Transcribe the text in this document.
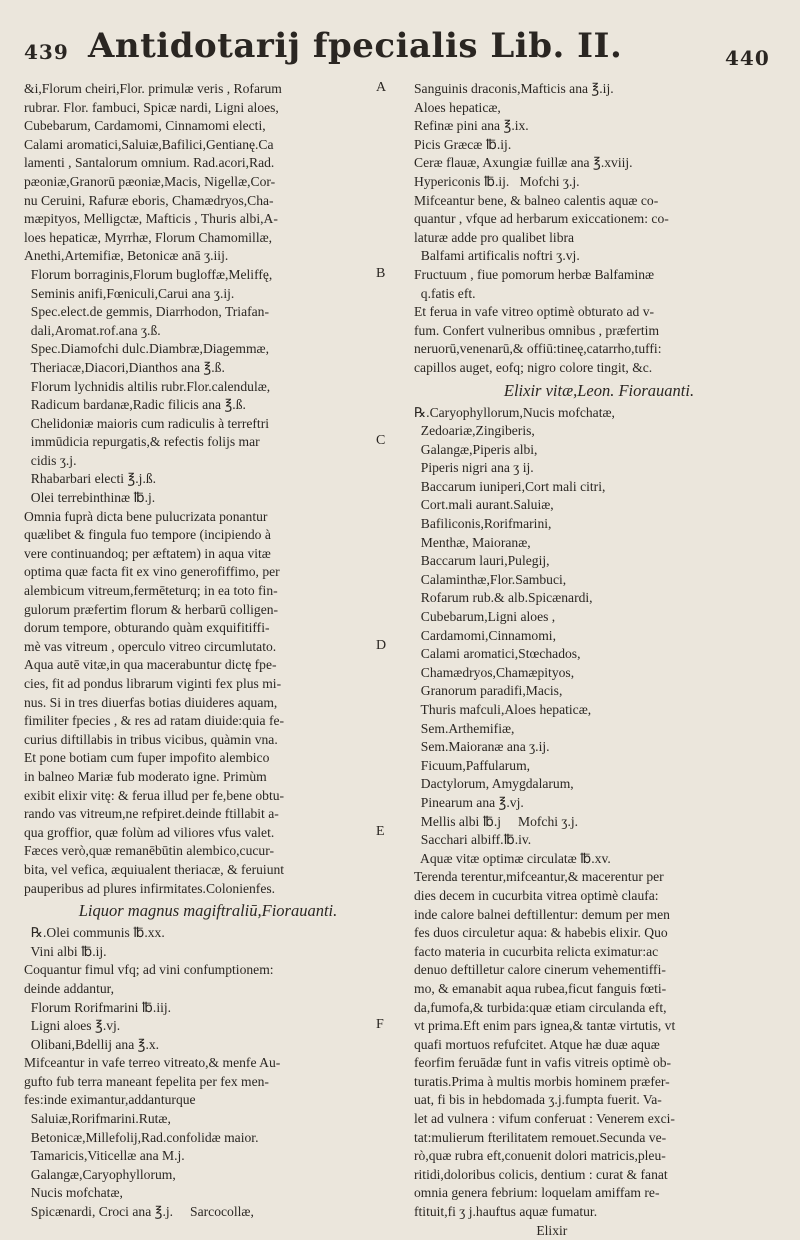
439 Antidotarij fpecialis Lib. II.	440
&i,Florum cheiri,Flor. primulæ veris , Rofarum
rubrar. Flor. fambuci, Spicæ nardi, Ligni aloes,
Cubebarum, Cardamomi, Cinnamomi electi,
Calami aromatici,Saluiæ,Bafilici,Gentianę.Ca
lamenti , Santalorum omnium. Rad.acori,Rad.
pæoniæ,Granorū pæoniæ,Macis, Nigellæ,Cor-
nu Ceruini, Rafuræ eboris, Chamædryos,Cha-
mæpityos, Melligctæ, Mafticis , Thuris albi,A-
loes hepaticæ, Myrrhæ, Florum Chamomillæ,
Anethi,Artemifiæ, Betonicæ anā ʒ.iij.
Florum borraginis,Florum bugloffæ,Meliffę,
Seminis anifi,Fœniculi,Carui ana ʒ.ij.
Spec.elect.de gemmis, Diarrhodon, Triafan-
dali,Aromat.rof.ana ʒ.ß.
Spec.Diamofchi dulc.Diambræ,Diagemmæ,
Theriacæ,Diacori,Dianthos ana ℥.ß.
Florum lychnidis altilis rubr.Flor.calendulæ,
Radicum bardanæ,Radic filicis ana ℥.ß.
Chelidoniæ maioris cum radiculis à terreftri
immūdicia repurgatis,& refectis folijs mar
cidis ʒ.j.
Rhabarbari electi ℥.j.ß.
Olei terrebinthinæ ℔.j.
Omnia fuprà dicta bene pulucrizata ponantur
quælibet & fingula fuo tempore (incipiendo à
vere continuandoq; per æftatem) in aqua vitæ
optima quæ facta fit ex vino generofiffimo, per
alembicum vitreum,fermēteturq; in ea toto fin-
gulorum præfertim florum & herbarū colligen-
dorum tempore, obturando quàm exquifitiffi-
mè vas vitreum , operculo vitreo circumlutato.
Aqua autē vitæ,in qua macerabuntur dictę fpe-
cies, fit ad pondus librarum viginti fex plus mi-
nus. Si in tres diuerfas botias diuideres aquam,
fimiliter fpecies , & res ad ratam diuide:quia fe-
curius diftillabis in tribus vicibus, quàmin vna.
Et pone botiam cum fuper impofito alembico
in balneo Mariæ fub moderato igne. Primùm
exibit elixir vitę: & ferua illud per fe,bene obtu-
rando vas vitreum,ne refpiret.deinde ftillabit a-
qua groffior, quæ folùm ad viliores vfus valet.
Fæces verò,quæ remanēbūtin alembico,cucur-
bita, vel vefica, æquiualent theriacæ, & feruiunt
pauperibus ad plures infirmitates.Colonienfes.
Liquor magnus magiftraliū,Fiorauanti.
℞.Olei communis ℔.xx.
Vini albi ℔.ij.
Coquantur fimul vfq; ad vini confumptionem:
deinde addantur,
Florum Rorifmarini ℔.iij.
Ligni aloes ℥.vj.
Olibani,Bdellij ana ℥.x.
Mifceantur in vafe terreo vitreato,& menfe Au-
gufto fub terra maneant fepelita per fex men-
fes:inde eximantur,addanturque
Saluiæ,Rorifmarini.Rutæ,
Betonicæ,Millefolij,Rad.confolidæ maior.
Tamaricis,Viticellæ ana M.j.
Galangæ,Caryophyllorum,
Nucis mofchatæ,
Spicænardi, Croci ana ℥.j.     Sarcocollæ,
Sanguinis draconis,Mafticis ana ℥.ij.
Aloes hepaticæ,
Refinæ pini ana ℥.ix.
Picis Græcæ ℔.ij.
Ceræ flauæ, Axungiæ fuillæ ana ℥.xviij.
Hypericonis ℔.ij.   Mofchi ʒ.j.
Mifceantur bene, & balneo calentis aquæ co-
quantur , vfque ad herbarum exiccationem: co-
laturæ adde pro qualibet libra
Balfami artificalis noftri ʒ.vj.
Fructuum , fiue pomorum herbæ Balfaminæ
q.fatis eft.
Et ferua in vafe vitreo optimè obturato ad v-
fum. Confert vulneribus omnibus , præfertim
neruorū,venenarū,& offiū:tineę,catarrho,tuffi:
capillos auget, eofq; nigro colore tingit, &c.
Elixir vitæ,Leon. Fiorauanti.
℞.Caryophyllorum,Nucis mofchatæ,
Zedoariæ,Zingiberis,
Galangæ,Piperis albi,
Piperis nigri ana ʒ ij.
Baccarum iuniperi,Cort mali citri,
Cort.mali aurant.Saluiæ,
Bafiliconis,Rorifmarini,
Menthæ, Maioranæ,
Baccarum lauri,Pulegij,
Calaminthæ,Flor.Sambuci,
Rofarum rub.& alb.Spicænardi,
Cubebarum,Ligni aloes ,
Cardamomi,Cinnamomi,
Calami aromatici,Stœchados,
Chamædryos,Chamæpityos,
Granorum paradifi,Macis,
Thuris mafculi,Aloes hepaticæ,
Sem.Arthemifiæ,
Sem.Maioranæ ana ʒ.ij.
Ficuum,Paffularum,
Dactylorum, Amygdalarum,
Pinearum ana ℥.vj.
Mellis albi ℔.j     Mofchi ʒ.j.
Sacchari albiff.℔.iv.
Aquæ vitæ optimæ circulatæ ℔.xv.
Terenda terentur,mifceantur,& macerentur per
dies decem in cucurbita vitrea optimè claufa:
inde calore balnei deftillentur: demum per men
fes duos circuletur aqua: & habebis elixir. Quo
facto materia in cucurbita relicta eximatur:ac
denuo deftilletur calore cinerum vehementiffi-
mo, & emanabit aqua rubea,ficut fanguis fœti-
da,fumofa,& turbida:quæ etiam circulanda eft,
vt prima.Eft enim pars ignea,& tantæ virtutis, vt
quafi mortuos refufcitet. Atque hæ duæ aquæ
feorfim feruādæ funt in vafis vitreis optimè ob-
turatis.Prima à multis morbis hominem præfer-
uat, fi bis in hebdomada ʒ.j.fumpta fuerit. Va-
let ad vulnera : vifum conferuat : Venerem exci-
tat:mulierum fterilitatem remouet.Secunda ve-
rò,quæ rubra eft,conuenit dolori matricis,pleu-
ritidi,doloribus colicis, dentium : curat & fanat
omnia genera febrium: loquelam amiffam re-
ftituit,fi ʒ j.hauftus aquæ fumatur.
Elixir
A
B
C
D
E
F
